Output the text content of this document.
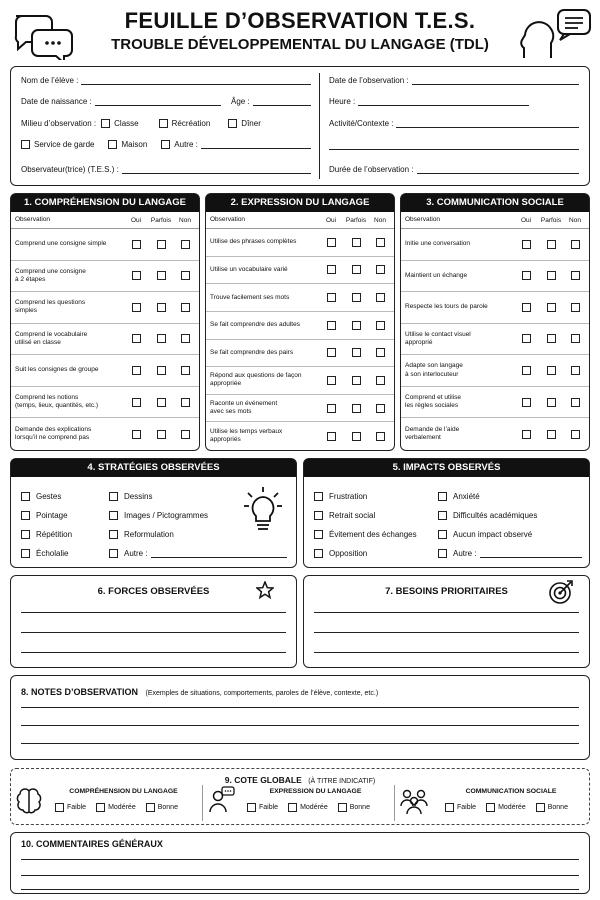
FEUILLE D’OBSERVATION T.E.S.
TROUBLE DÉVELOPPEMENTAL DU LANGAGE (TDL)
Nom de l’élève :
Date de naissance :	Âge :
Milieu d’observation : Classe	Récréation	Dîner
Service de garde	Maison	Autre :
Observateur(trice) (T.E.S.) :
Date de l’observation :
Heure :
Activité/Contexte :
Durée de l’observation :
1. COMPRÉHENSION DU LANGAGE
Observation	Oui	Parfois	Non
Comprend une consigne simple
Comprend une consigne
à 2 étapes
Comprend les questions
simples
Comprend le vocabulaire
utilisé en classe
Suit les consignes de groupe
Comprend les notions
(temps, lieux, quantités, etc.)
Demande des explications
lorsqu’il ne comprend pas
2. EXPRESSION DU LANGAGE
Observation	Oui	Parfois	Non
Utilise des phrases complètes
Utilise un vocabulaire varié
Trouve facilement ses mots
Se fait comprendre des adultes
Se fait comprendre des pairs
Répond aux questions de façon
appropriée
Raconte un événement
avec ses mots
Utilise les temps verbaux
appropriés
3. COMMUNICATION SOCIALE
Observation	Oui	Parfois	Non
Initie une conversation
Maintient un échange
Respecte les tours de parole
Utilise le contact visuel
approprié
Adapte son langage
à son interlocuteur
Comprend et utilise
les règles sociales
Demande de l’aide
verbalement
4. STRATÉGIES OBSERVÉES
Gestes
Pointage
Répétition
Écholalie
Dessins
Images / Pictogrammes
Reformulation
Autre :
5. IMPACTS OBSERVÉS
Frustration
Retrait social
Évitement des échanges
Opposition
Anxiété
Difficultés académiques
Aucun impact observé
Autre :
6. FORCES OBSERVÉES	7. BESOINS PRIORITAIRES
8. NOTES D’OBSERVATION (Exemples de situations, comportements, paroles de l’élève, contexte, etc.)
9. COTE GLOBALE (À TITRE INDICATIF)
COMPRÉHENSION DU LANGAGE
Faible	Modérée	Bonne
EXPRESSION DU LANGAGE
Faible	Modérée	Bonne
COMMUNICATION SOCIALE
Faible	Modérée	Bonne
10. COMMENTAIRES GÉNÉRAUX
